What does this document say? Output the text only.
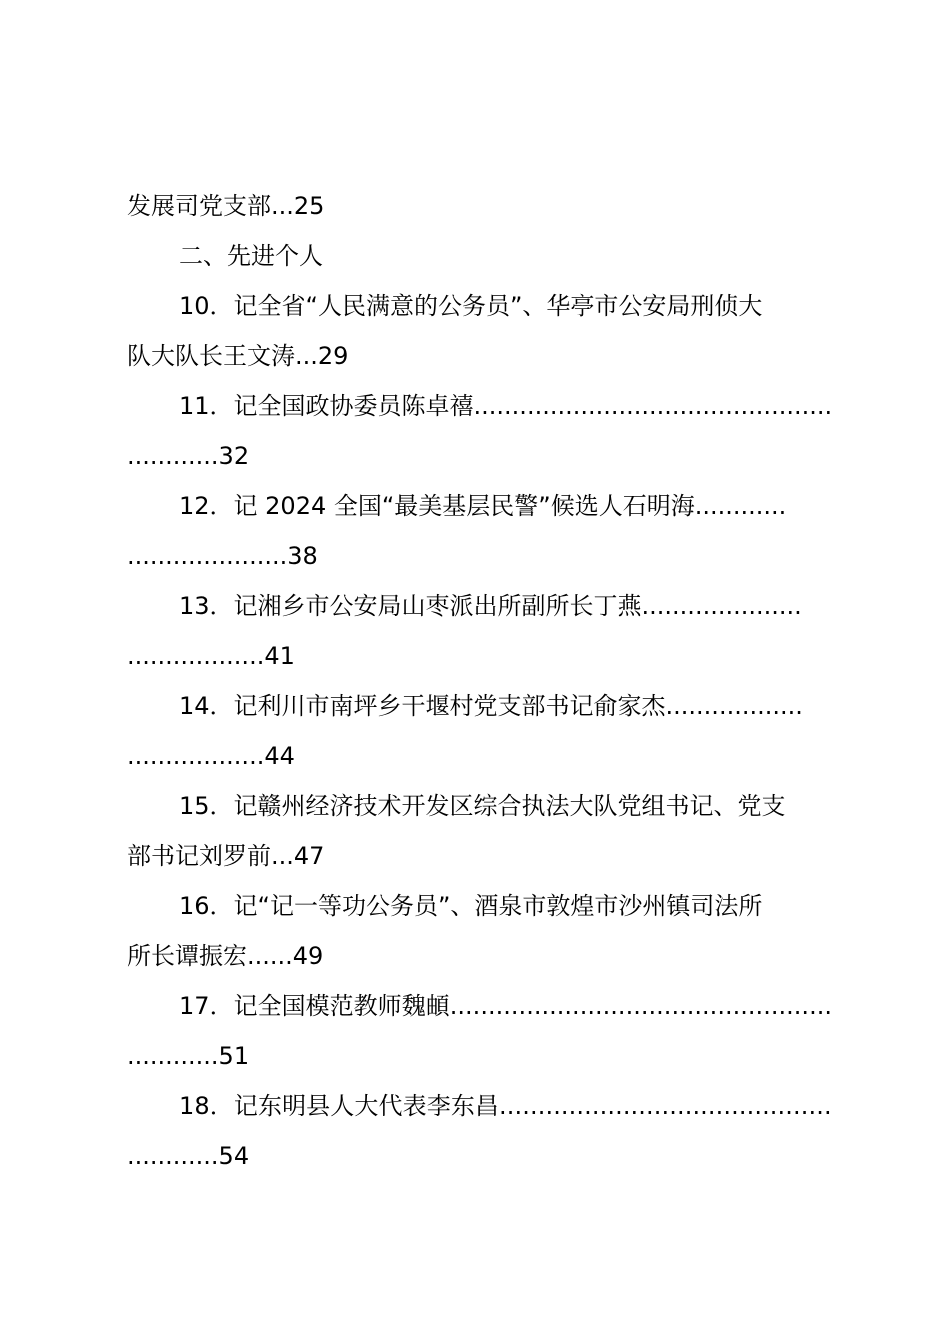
发展司党支部...25
二、先进个人
10．记全省“人民满意的公务员”、华亭市公安局刑侦大
队大队长王文涛...29
11．记全国政协委员陈卓禧...............................................
............32
12．记 2024 全国“最美基层民警”候选人石明海............
.....................38
13．记湘乡市公安局山枣派出所副所长丁燕.....................
..................41
14．记利川市南坪乡干堰村党支部书记俞家杰..................
..................44
15．记赣州经济技术开发区综合执法大队党组书记、党支
部书记刘罗前...47
16．记“记一等功公务员”、酒泉市敦煌市沙州镇司法所
所长谭振宏......49
17．记全国模范教师魏頔..................................................
............51
18．记东明县人大代表李东昌...........................................
............54
